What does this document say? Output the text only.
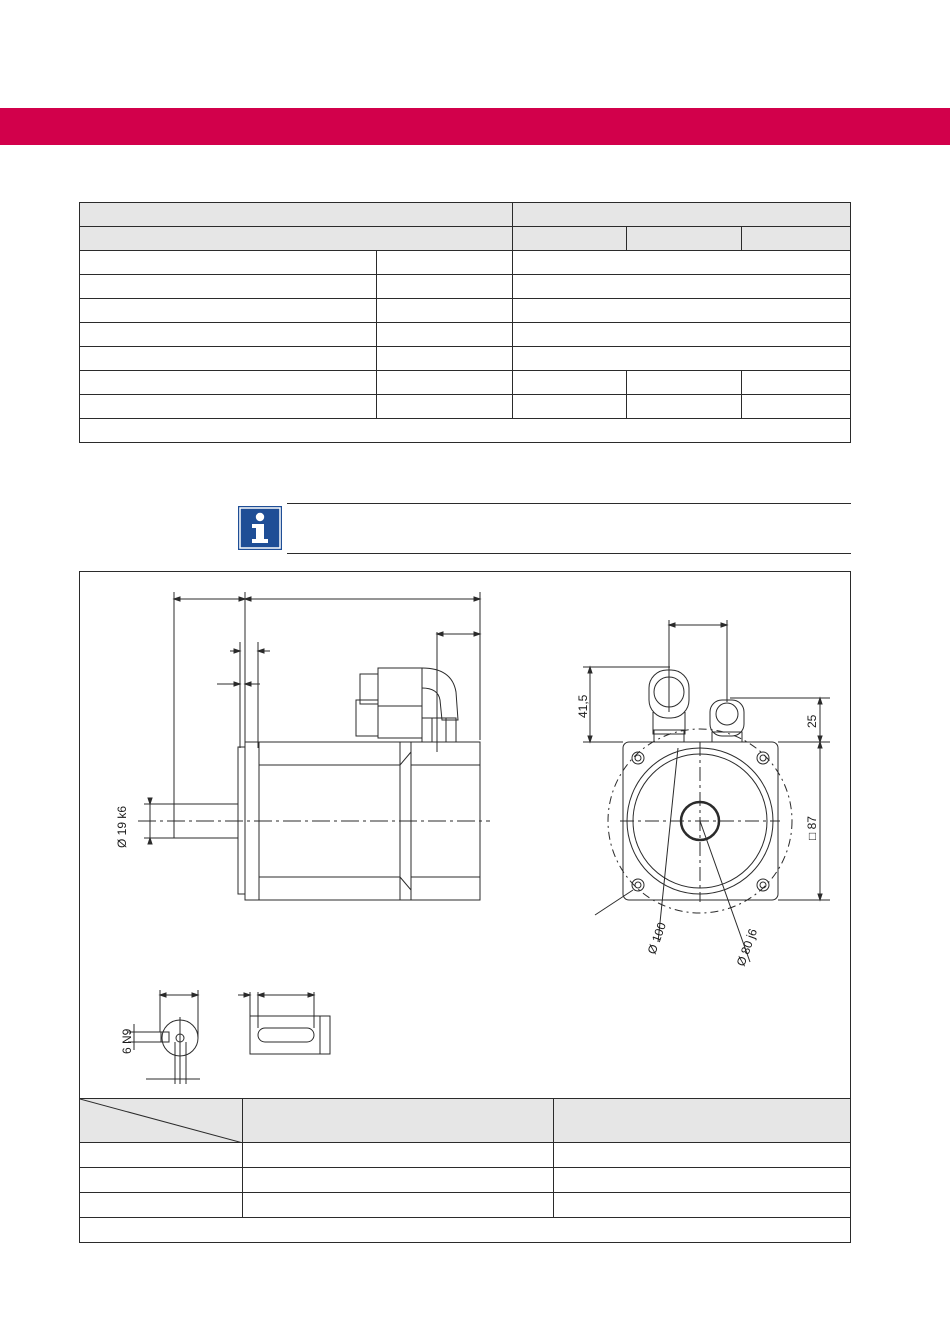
Ø 19 k6
41,5
25
□ 87
Ø 100	Ø 80 j6
6 N9
